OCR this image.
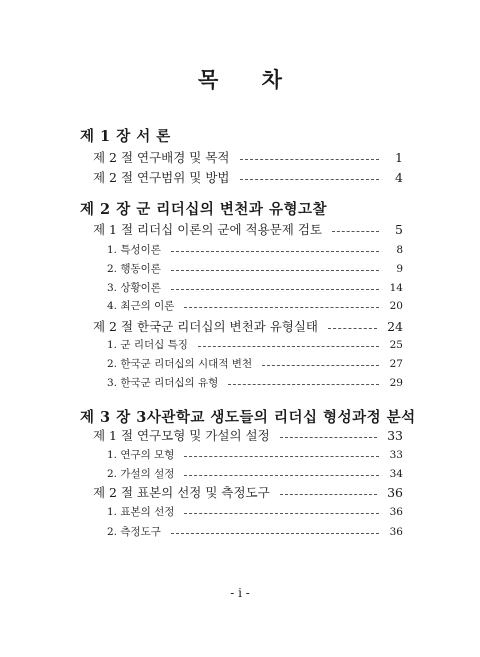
목 차
제 1 장 서 론
제 2 절 연구배경 및 목적	1
제 2 절 연구범위 및 방법	4
제 2 장 군 리더십의 변천과 유형고찰
제 1 절 리더십 이론의 군에 적용문제 검토	5
1. 특성이론	8
2. 행동이론	9
3. 상황이론	14
4. 최근의 이론	20
제 2 절 한국군 리더십의 변천과 유형실태	24
1. 군 리더십 특징	25
2. 한국군 리더십의 시대적 변천	27
3. 한국군 리더십의 유형	29
제 3 장 3사관학교 생도들의 리더십 형성과정 분석
제 1 절 연구모형 및 가설의 설정	33
1. 연구의 모형	33
2. 가설의 설정	34
제 2 절 표본의 선정 및 측정도구	36
1. 표본의 선정	36
2. 측정도구	36
- i -
